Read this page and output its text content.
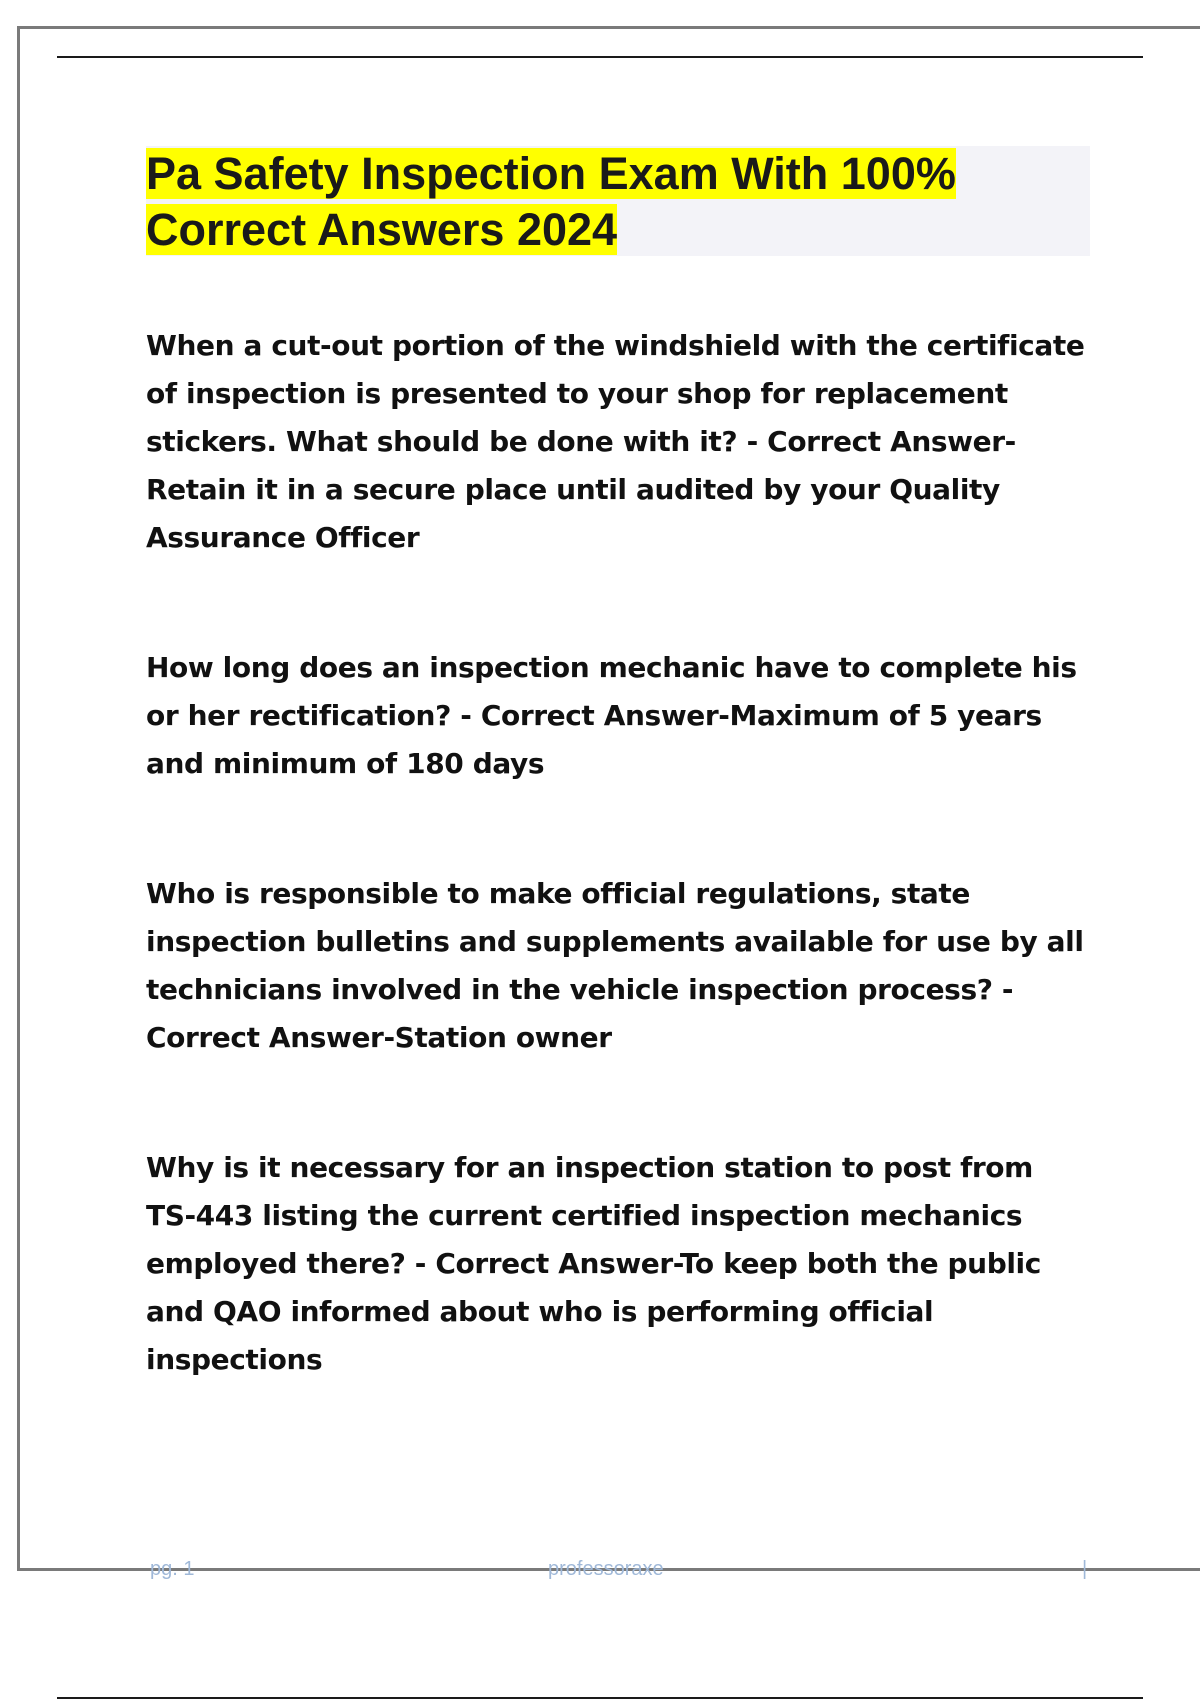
Pa Safety Inspection Exam With 100%
Correct Answers 2024

When a cut-out portion of the windshield with the certificate of inspection is presented to your shop for replacement stickers. What should be done with it? - Correct Answer- Retain it in a secure place until audited by your Quality Assurance Officer

How long does an inspection mechanic have to complete his or her rectification? - Correct Answer-Maximum of 5 years and minimum of 180 days

Who is responsible to make official regulations, state inspection bulletins and supplements available for use by all technicians involved in the vehicle inspection process? - Correct Answer-Station owner

Why is it necessary for an inspection station to post from TS-443 listing the current certified inspection mechanics employed there? - Correct Answer-To keep both the public and QAO informed about who is performing official inspections

pg. 1	professoraxe	|
